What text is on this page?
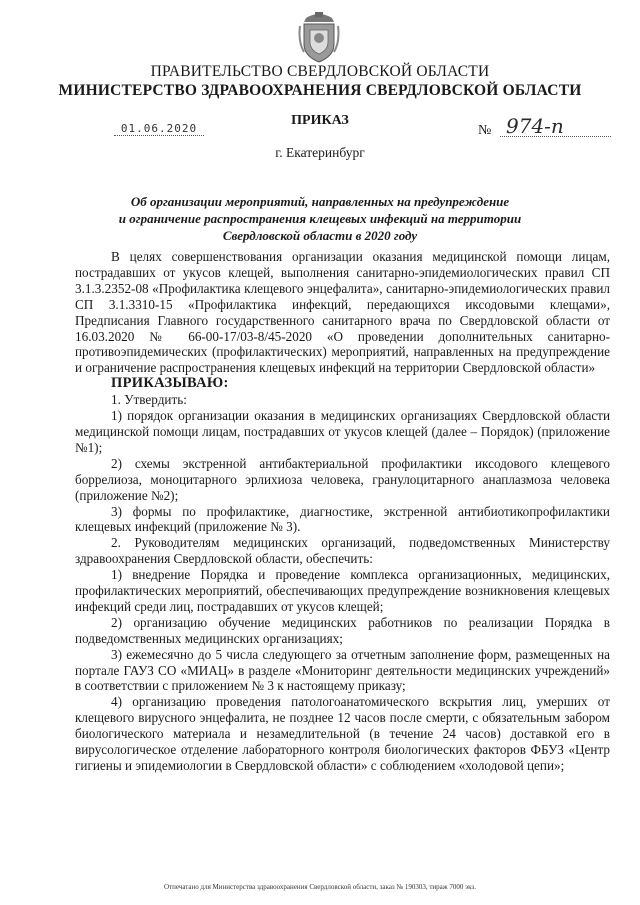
ПРАВИТЕЛЬСТВО СВЕРДЛОВСКОЙ ОБЛАСТИ
МИНИСТЕРСТВО ЗДРАВООХРАНЕНИЯ СВЕРДЛОВСКОЙ ОБЛАСТИ
ПРИКАЗ
01.06.2020	№ 974-п
г. Екатеринбург
Об организации мероприятий, направленных на предупреждение
и ограничение распространения клещевых инфекций на территории
Свердловской области в 2020 году

В целях совершенствования организации оказания медицинской помощи лицам, пострадавших от укусов клещей, выполнения санитарно-эпидемиологических правил СП 3.1.3.2352-08 «Профилактика клещевого энцефалита», санитарно-эпидемиологических правил СП 3.1.3310-15 «Профилактика инфекций, передающихся иксодовыми клещами», Предписания Главного государственного санитарного врача по Свердловской области от 16.03.2020 № 66-00-17/03-8/45-2020 «О проведении дополнительных санитарно-противоэпидемических (профилактических) мероприятий, направленных на предупреждение и ограничение распространения клещевых инфекций на территории Свердловской области»

ПРИКАЗЫВАЮ:

1. Утвердить:

1) порядок организации оказания в медицинских организациях Свердловской области медицинской помощи лицам, пострадавших от укусов клещей (далее – Порядок) (приложение №1);

2) схемы экстренной антибактериальной профилактики иксодового клещевого боррелиоза, моноцитарного эрлихиоза человека, гранулоцитарного анаплазмоза человека (приложение №2);

3) формы по профилактике, диагностике, экстренной антибиотикопрофилактики клещевых инфекций (приложение № 3).

2. Руководителям медицинских организаций, подведомственных Министерству здравоохранения Свердловской области, обеспечить:

1) внедрение Порядка и проведение комплекса организационных, медицинских, профилактических мероприятий, обеспечивающих предупреждение возникновения клещевых инфекций среди лиц, пострадавших от укусов клещей;

2) организацию обучение медицинских работников по реализации Порядка в подведомственных медицинских организациях;

3) ежемесячно до 5 числа следующего за отчетным заполнение форм, размещенных на портале ГАУЗ СО «МИАЦ» в разделе «Мониторинг деятельности медицинских учреждений» в соответствии с приложением № 3 к настоящему приказу;

4) организацию проведения патологоанатомического вскрытия лиц, умерших от клещевого вирусного энцефалита, не позднее 12 часов после смерти, с обязательным забором биологического материала и незамедлительной (в течение 24 часов) доставкой его в вирусологическое отделение лабораторного контроля биологических факторов ФБУЗ «Центр гигиены и эпидемиологии в Свердловской области» с соблюдением «холодовой цепи»;

Отпечатано для Министерства здравоохранения Свердловской области, заказ № 190303, тираж 7000 экз.
